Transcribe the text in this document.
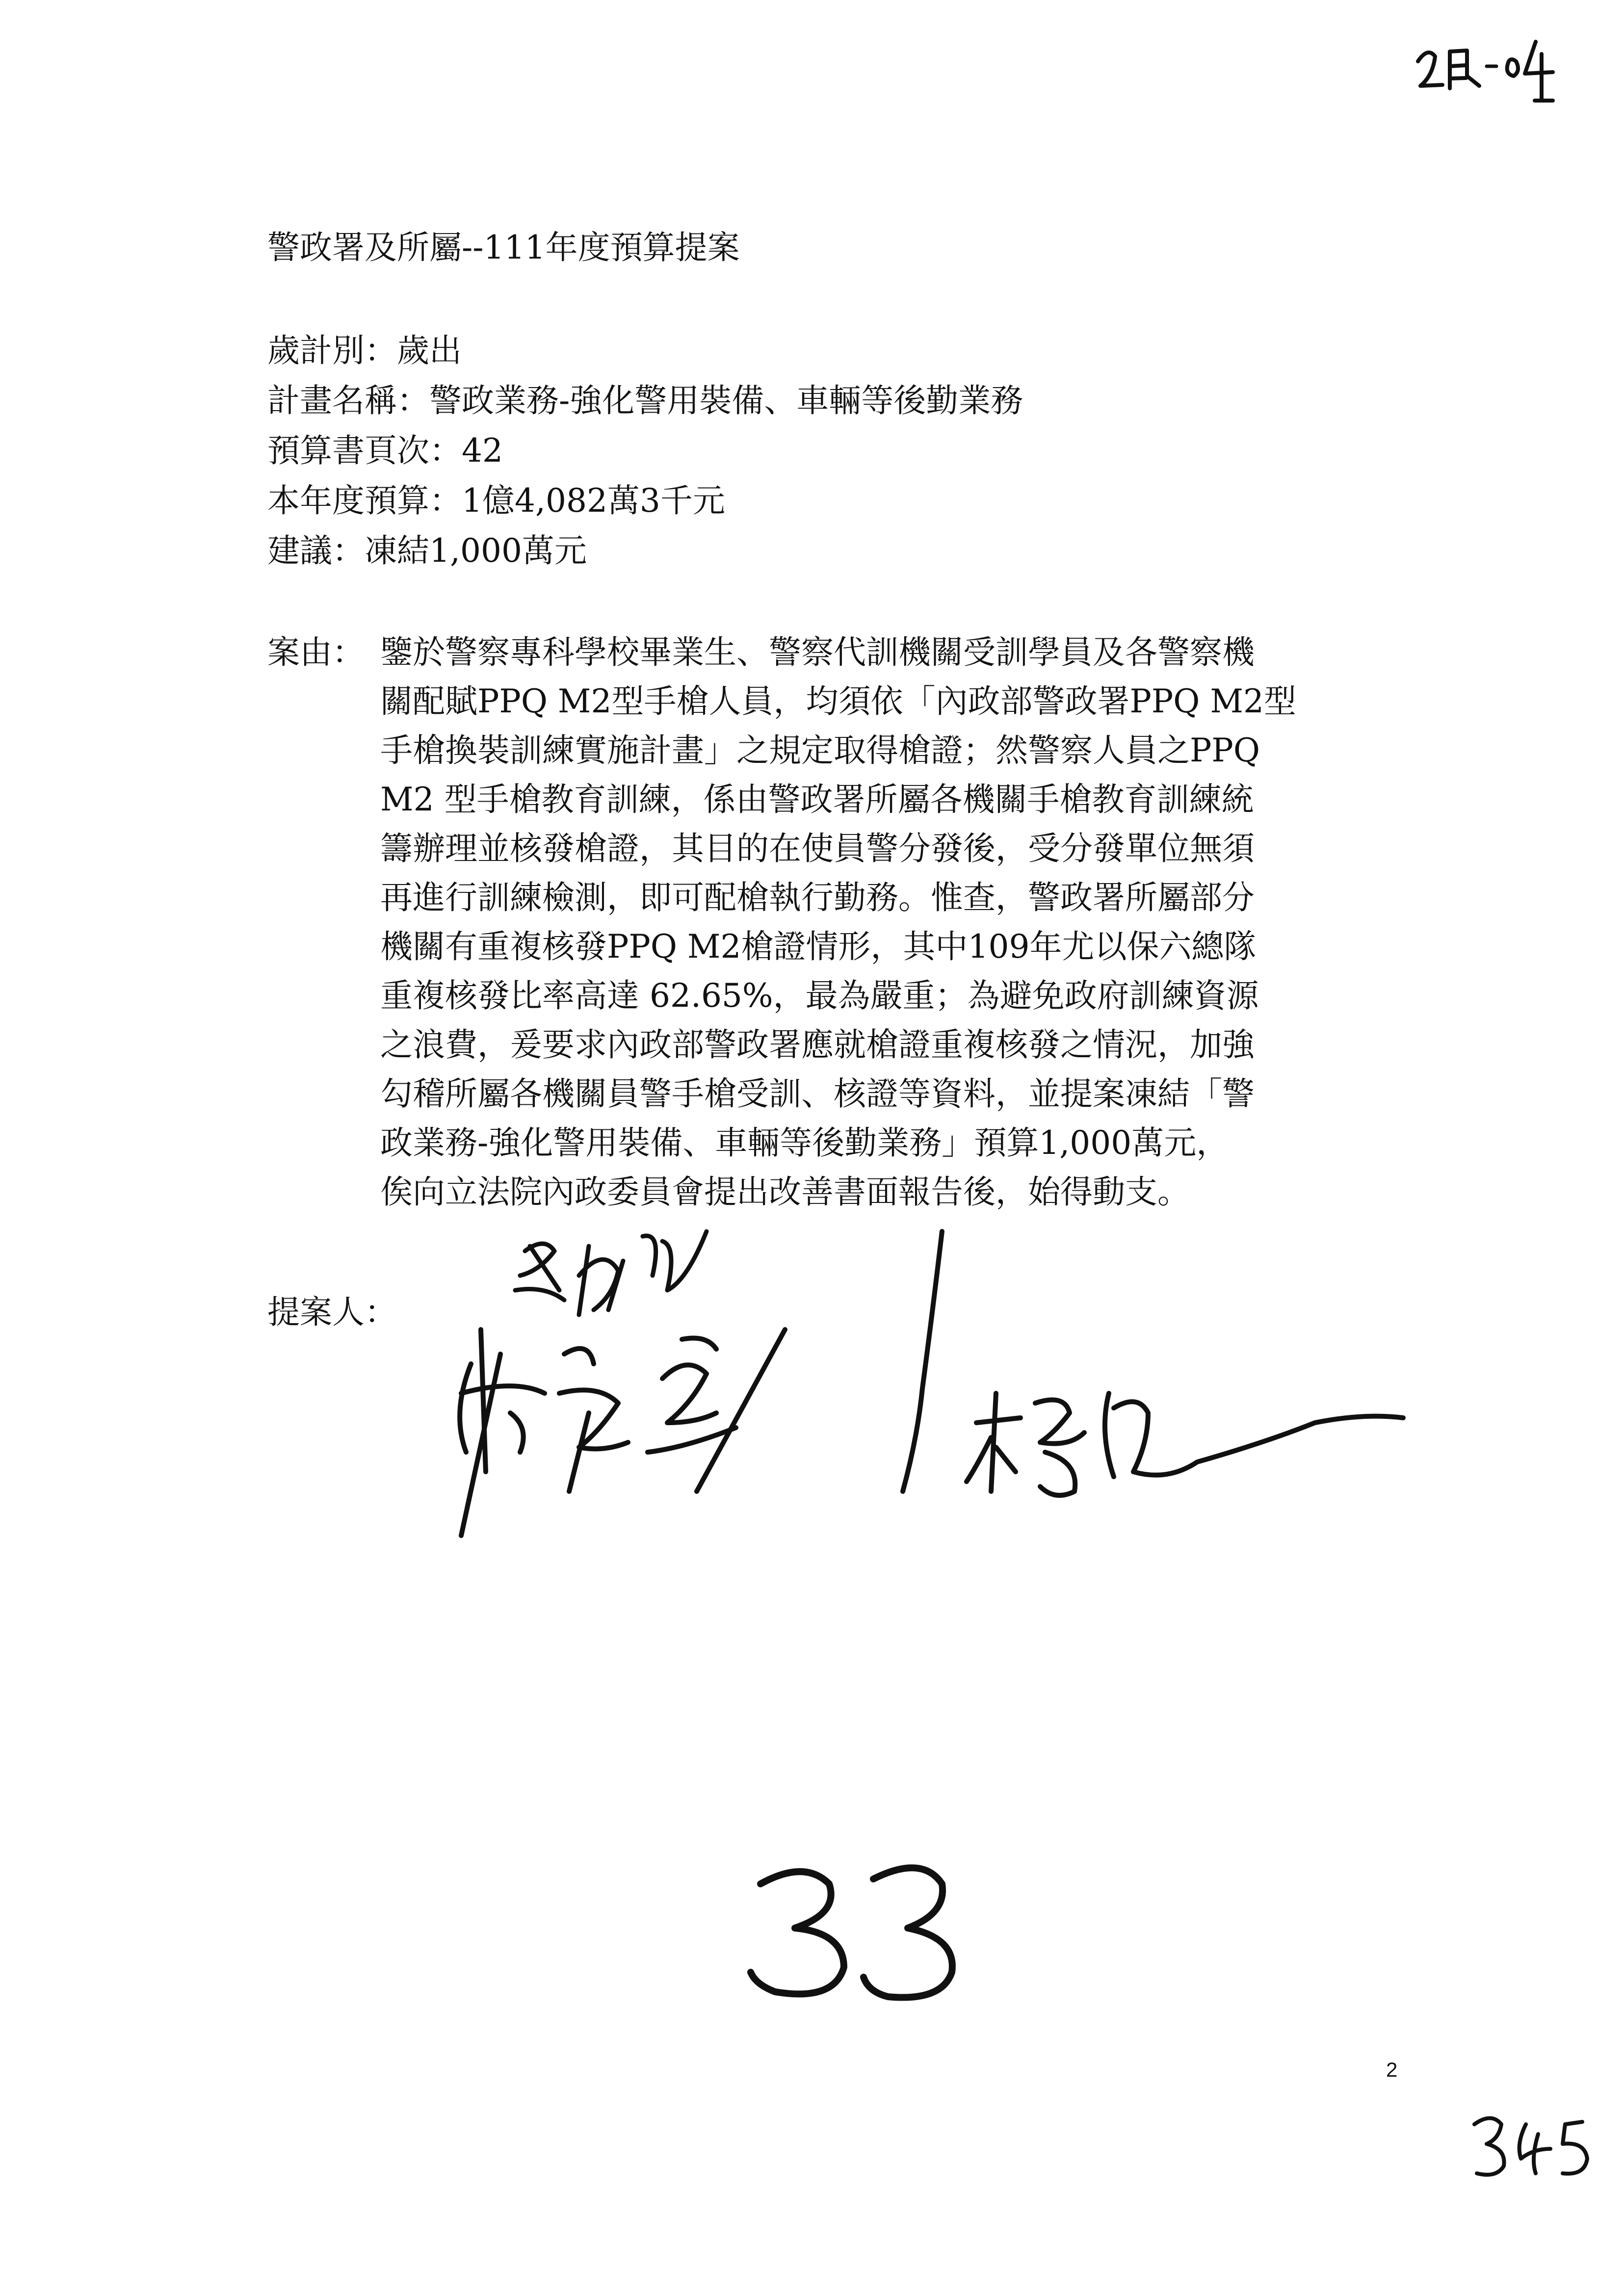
警政署及所屬--111年度預算提案
歲計別：歲出
計畫名稱：警政業務-強化警用裝備、車輛等後勤業務
預算書頁次：42
本年度預算：1億4,082萬3千元
建議：凍結1,000萬元
案由： 鑒於警察專科學校畢業生、警察代訓機關受訓學員及各警察機
關配賦PPQ M2型手槍人員，均須依「內政部警政署PPQ M2型
手槍換裝訓練實施計畫」之規定取得槍證；然警察人員之PPQ
M2 型手槍教育訓練，係由警政署所屬各機關手槍教育訓練統
籌辦理並核發槍證，其目的在使員警分發後，受分發單位無須
再進行訓練檢測，即可配槍執行勤務。惟查，警政署所屬部分
機關有重複核發PPQ M2槍證情形，其中109年尤以保六總隊
重複核發比率高達 62.65%，最為嚴重；為避免政府訓練資源
之浪費，爰要求內政部警政署應就槍證重複核發之情況，加強
勾稽所屬各機關員警手槍受訓、核證等資料，並提案凍結「警
政業務-強化警用裝備、車輛等後勤業務」預算1,000萬元，
俟向立法院內政委員會提出改善書面報告後，始得動支。
提案人：
2
